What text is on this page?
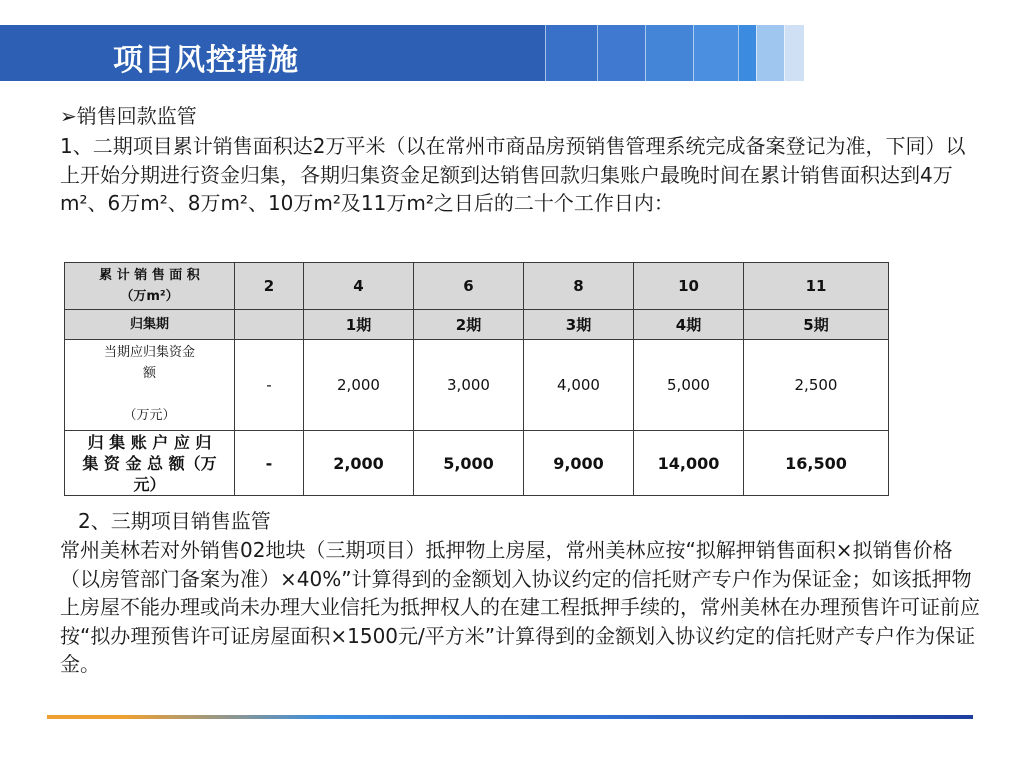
项目风控措施
➢销售回款监管
1、二期项目累计销售面积达2万平米（以在常州市商品房预销售管理系统完成备案登记为准，下同）以上开始分期进行资金归集，各期归集资金足额到达销售回款归集账户最晚时间在累计销售面积达到4万m²、6万m²、8万m²、10万m²及11万m²之日后的二十个工作日内：
累 计 销 售 面 积
（万m²）	2	4	6	8	10	11
归集期		1期	2期	3期	4期	5期
当期应归集资金
额

（万元）	-	2,000	3,000	4,000	5,000	2,500
归 集 账 户 应 归
集 资 金 总 额（万
元）	-	2,000	5,000	9,000	14,000	16,500
2、三期项目销售监管
常州美林若对外销售02地块（三期项目）抵押物上房屋，常州美林应按“拟解押销售面积×拟销售价格（以房管部门备案为准）×40%”计算得到的金额划入协议约定的信托财产专户作为保证金；如该抵押物上房屋不能办理或尚未办理大业信托为抵押权人的在建工程抵押手续的，常州美林在办理预售许可证前应按“拟办理预售许可证房屋面积×1500元/平方米”计算得到的金额划入协议约定的信托财产专户作为保证金。
